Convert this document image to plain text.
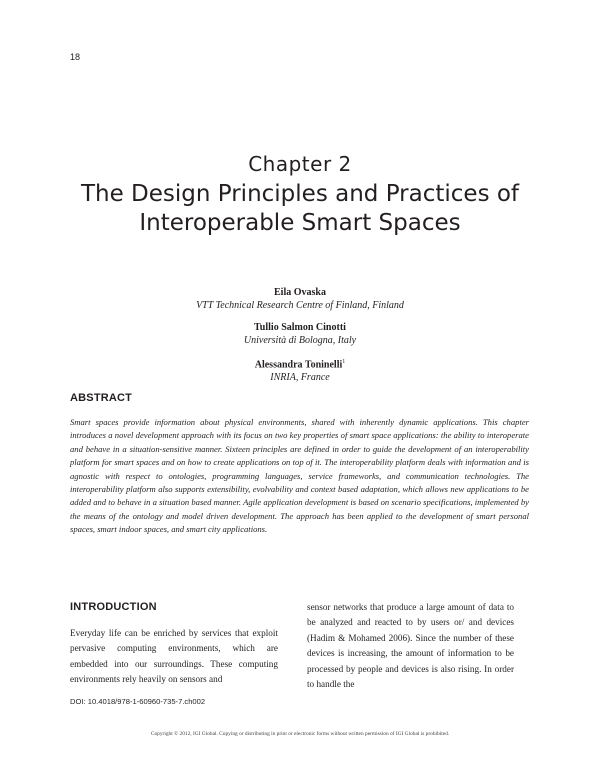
18
Chapter 2
The Design Principles and Practices of Interoperable Smart Spaces
Eila Ovaska
VTT Technical Research Centre of Finland, Finland
Tullio Salmon Cinotti
Università di Bologna, Italy
Alessandra Toninelli$^1$
INRIA, France
ABSTRACT

Smart spaces provide information about physical environments, shared with inherently dynamic applications. This chapter introduces a novel development approach with its focus on two key properties of smart space applications: the ability to interoperate and behave in a situation-sensitive manner. Sixteen principles are defined in order to guide the development of an interoperability platform for smart spaces and on how to create applications on top of it. The interoperability platform deals with information and is agnostic with respect to ontologies, programming languages, service frameworks, and communication technologies. The interoperability platform also supports extensibility, evolvability and context based adaptation, which allows new applications to be added and to behave in a situation based manner. Agile application development is based on scenario specifications, implemented by the means of the ontology and model driven development. The approach has been applied to the development of smart personal spaces, smart indoor spaces, and smart city applications.

INTRODUCTION

Everyday life can be enriched by services that exploit pervasive computing environments, which are embedded into our surroundings. These computing environments rely heavily on sensors and

sensor networks that produce a large amount of data to be analyzed and reacted to by users or/ and devices (Hadim & Mohamed 2006). Since the number of these devices is increasing, the amount of information to be processed by people and devices is also rising. In order to handle the

DOI: 10.4018/978-1-60960-735-7.ch002
Copyright © 2012, IGI Global. Copying or distributing in print or electronic forms without written permission of IGI Global is prohibited.
